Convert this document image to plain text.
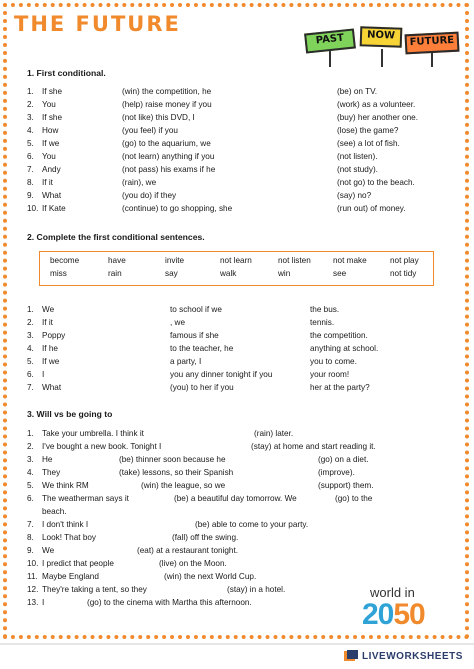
THE FUTURE
PAST	NOW	FUTURE

1. First conditional.

1. If she	(win) the competition, he	(be) on TV.
2. You	(help) raise money if you	(work) as a volunteer.
3. If she	(not like) this DVD, I	(buy) her another one.
4. How	(you feel) if you	(lose) the game?
5. If we	(go) to the aquarium, we	(see) a lot of fish.
6. You	(not learn) anything if you	(not listen).
7. Andy	(not pass) his exams if he	(not study).
8. If it	(rain), we	(not go) to the beach.
9. What	(you do) if they	(say) no?
10. If Kate	(continue) to go shopping, she	(run out) of money.

2. Complete the first conditional sentences.

become	have	invite	not learn	not listen	not make	not play
miss	rain	say	walk	win	see	not tidy
1. We	to school if we	the bus.
2. If it	, we	tennis.
3. Poppy	famous if she	the competition.
4. If he	to the teacher, he	anything at school.
5. If we	a party, I	you to come.
6. I	you any dinner tonight if you	your room!
7. What	(you) to her if you	her at the party?

3. Will vs be going to

1. Take your umbrella. I think it	(rain) later.
2. I've bought a new book. Tonight I	(stay) at home and start reading it.
3. He	(be) thinner soon because he	(go) on a diet.
4. They	(take) lessons, so their Spanish	(improve).
5. We think RM	(win) the league, so we	(support) them.
6. The weatherman says it	(be) a beautiful day tomorrow. We	(go) to the
beach.
7. I don't think I	(be) able to come to your party.
8. Look! That boy	(fall) off the swing.
9. We	(eat) at a restaurant tonight.
10. I predict that people	(live) on the Moon.
11. Maybe England	(win) the next World Cup.
12. They're taking a tent, so they	(stay) in a hotel.
13. I	(go) to the cinema with Martha this afternoon.
world in
2050
LIVEWORKSHEETS
